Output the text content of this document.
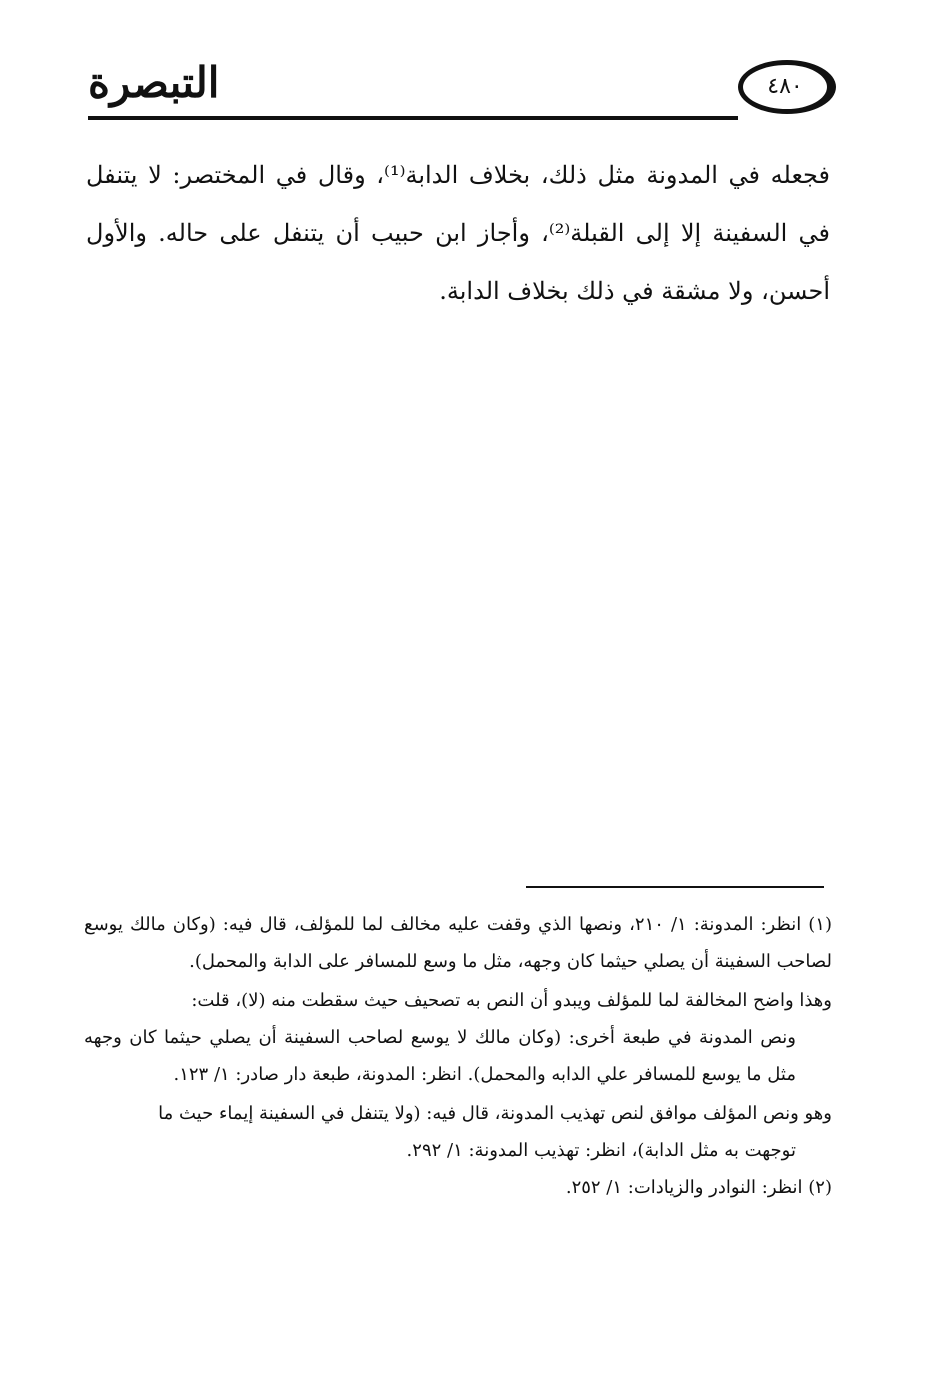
التبصرة	٤٨٠

فجعله في المدونة مثل ذلك، بخلاف الدابة⁽¹⁾، وقال في المختصر: لا يتنفل في السفينة إلا إلى القبلة⁽²⁾، وأجاز ابن حبيب أن يتنفل على حاله. والأول أحسن، ولا مشقة في ذلك بخلاف الدابة.

(١) انظر: المدونة: ١/ ٢١٠، ونصها الذي وقفت عليه مخالف لما للمؤلف، قال فيه: (وكان مالك يوسع لصاحب السفينة أن يصلي حيثما كان وجهه، مثل ما وسع للمسافر على الدابة والمحمل).

وهذا واضح المخالفة لما للمؤلف ويبدو أن النص به تصحيف حيث سقطت منه (لا)، قلت:

ونص المدونة في طبعة أخرى: (وكان مالك لا يوسع لصاحب السفينة أن يصلي حيثما كان وجهه مثل ما يوسع للمسافر علي الدابه والمحمل). انظر: المدونة، طبعة دار صادر: ١/ ١٢٣.

وهو ونص المؤلف موافق لنص تهذيب المدونة، قال فيه: (ولا يتنفل في السفينة إيماء حيث ما

توجهت به مثل الدابة)، انظر: تهذيب المدونة: ١/ ٢٩٢.

(٢) انظر: النوادر والزيادات: ١/ ٢٥٢.
